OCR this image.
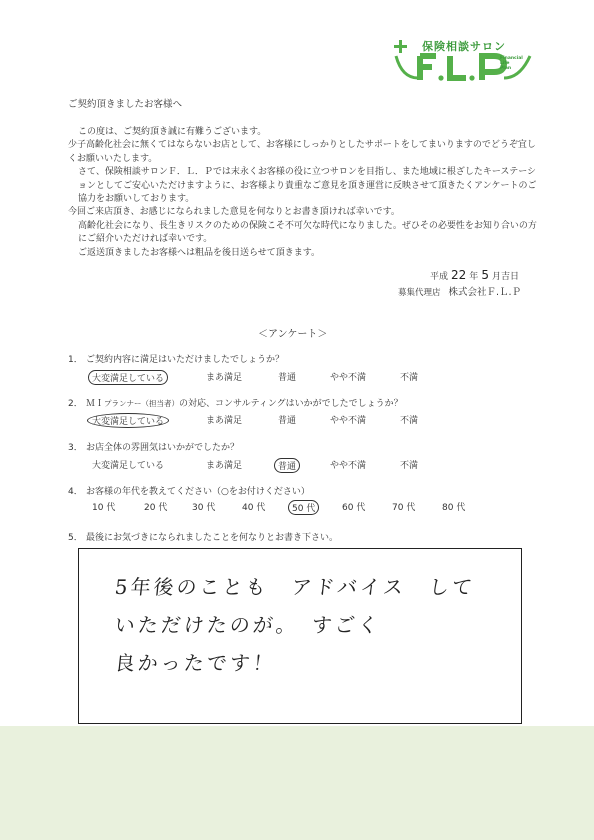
保険相談サロン
Financial
Life
Plan
ご契約頂きましたお客様へ

この度は、ご契約頂き誠に有難うございます。

少子高齢化社会に無くてはならないお店として、お客様にしっかりとしたサポートをしてまいりますのでどうぞ宜しくお願いいたします。

さて、保険相談サロンＦ．Ｌ．Ｐでは末永くお客様の役に立つサロンを目指し、また地域に根ざしたキーステーションとしてご安心いただけますように、お客様より貴重なご意見を頂き運営に反映させて頂きたくアンケートのご協力をお願いしております。

今回ご来店頂き、お感じになられました意見を何なりとお書き頂ければ幸いです。

高齢化社会になり、長生きリスクのための保険こそ不可欠な時代になりました。ぜひその必要性をお知り合いの方にご紹介いただければ幸いです。

ご返送頂きましたお客様へは粗品を後日送らせて頂きます。

平成 22 年 5 月吉日
募集代理店 株式会社Ｆ.Ｌ.Ｐ
＜アンケート＞
1． ご契約内容に満足はいただけましたでしょうか？
大変満足している	まあ満足	普通	やや不満	不満
2． ＭＩプランナー（担当者）の対応、コンサルティングはいかがでしたでしょうか？
大変満足している	まあ満足	普通	やや不満	不満
3． お店全体の雰囲気はいかがでしたか？
大変満足している	まあ満足	普通	やや不満	不満
4． お客様の年代を教えてください（○をお付けください）
10 代	20 代	30 代	40 代	50 代	60 代	70 代	80 代
5． 最後にお気づきになられましたことを何なりとお書き下さい。
5年後のことも　アドバイス　して
いただけたのが。　すごく
良かったです！
